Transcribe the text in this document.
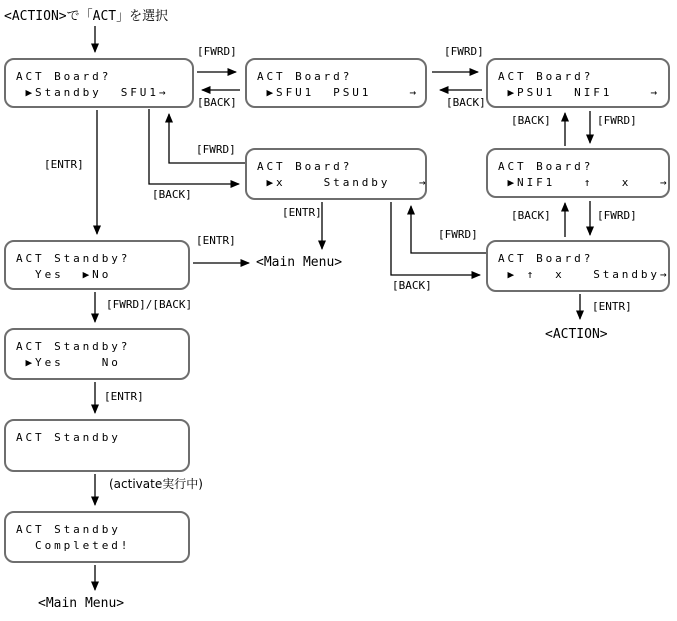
<ACTION>で「ACT」を選択
ACT Board?
▶Standby  SFU1→
ACT Board?
▶SFU1  PSU1    →
ACT Board?
▶PSU1  NIF1    →
ACT Board?
▶x    Standby   →
ACT Board?
▶NIF1   ↑   x   →
ACT Board?
▶ ↑  x   Standby→
ACT Standby?
Yes  ▶No
ACT Standby?
▶Yes    No
ACT Standby
ACT Standby
Completed!
[FWRD]
[BACK]
[FWRD]
[BACK]
[BACK]	[FWRD]
[BACK]	[FWRD]
[ENTR]
[ENTR]
[FWRD]
[BACK]
[ENTR]
[FWRD]
[BACK]
[ENTR]
[FWRD]/[BACK]
[ENTR]
(activate実行中)
<Main Menu>
<ACTION>
<Main Menu>
